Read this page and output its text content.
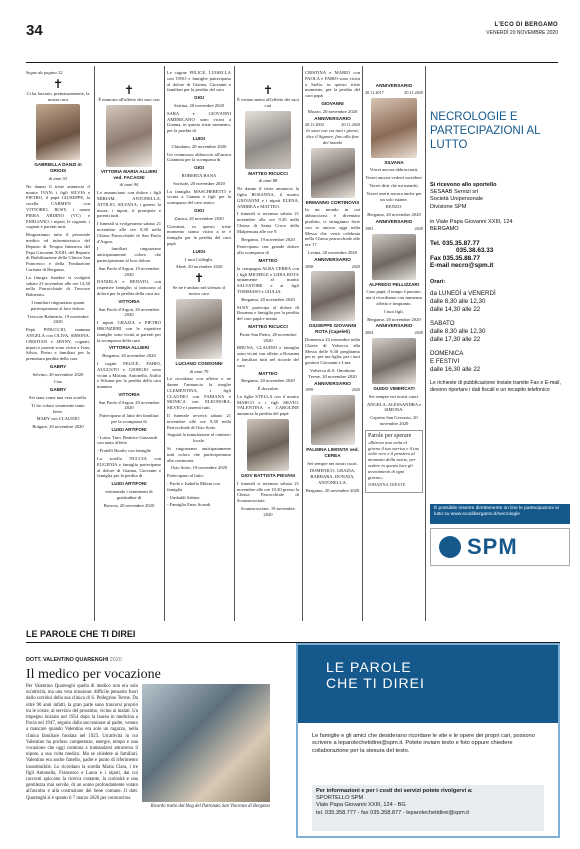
34	L'ECO DI BERGAMO
VENERDÌ 20 NOVEMBRE 2020

Segue da pagina 32

✝

Ci ha lasciato, prematuramente, la nostra cara

GABRIELLA DANZI in GRIGIS

di anni 53

Ne danno il triste annuncio il marito IVAN; i figli SILVIA e PIETRO, il papà GIUSEPPE, la sorella CARMEN con VITTORIO, ROSY, i nonni PIERA ARDINO (VC) e EMILIANO, i nipoti, le cognate, i cognati e parenti tutti.

Ringraziamo tutto il personale medico ed infermieristico del Reparto di Terapia Intensiva del Papa Giovanni XXIII, del Reparto di Riabilitazione della Clinica San Francesco e della Fondazione Carisma di Bergamo.

La liturgia funebre si svolgerà sabato 21 novembre alle ore 14,30 nella Parrocchiale di Trescore Balneario.

I familiari ringraziano quanti parteciperanno al loro dolore.

Trescore Balneario, 19 novembre 2020

Papà PINUCCIO, mamma ANGELA con OLIVA, SIMONA, CRISTIAN e JENNY, cognati, nipoti e parenti sono vicini a Ivan, Silvia, Pietro e familiari per la prematura perdita della cara

GABRY

Selvino, 20 novembre 2020

Ciao

GABRY

Sei stata come una vera sorella.

Ti ho voluto veramente tanto bene.

MARY con CLAUDIO

Bolgare, 20 novembre 2020

✝

È mancata all'affetto dei suoi cari

VITTORIA MARIA ALLIERI ved. FACAGNI

di anni 90

Lo annunciano con dolore i figli MIRIAM, ANTONELLA, ATTILIO, SILVANA; i generi, la nuora, i nipoti, il pronipote e parenti tutti.

I funerali si svolgeranno sabato 21 novembre alle ore 9,30 nella Chiesa Parrocchiale di San Paolo d'Argon.

I familiari ringraziano anticipatamente coloro che parteciperanno al loro dolore.

San Paolo d'Argon, 19 novembre 2020

DANIELA e RENATO, con rispettive famiglie, si uniscono al dolore per la perdita della cara zia

VITTORIA

San Paolo d'Argon, 20 novembre 2020

I nipoti GRAZIA e PIETRO BRONZIERI con le rispettive famiglie sono vicini ai parenti per la scomparsa della cara

VITTORIA ALLIERI

Bergamo, 20 novembre 2020

I cugini FELICE, FABIO, AUGUSTO e GIORGIO sono vicini a Miriam, Antonella, Attilio e Silvana per la perdita della cara mamma

VITTORIA

San Paolo d'Argon, 20 novembre 2020

Partecipano al lutto dei familiari per la scomparsa di

LUIGI ARTIFONI

- Luisa, Tino, Beatrice Guizzardi con tanto affetto

- Fratelli Bonfio con famiglie

La sorella NUCCIA con EUGENIA e famiglia partecipano al dolore di Gianna, Giovanni e famiglia per la perdita di

LUIGI ARTIFONI

esternando i sentimenti di gratitudine di

Brescia, 20 novembre 2020

Le cugine FELICE, LUISELLA con TINO e famiglie partecipano al dolore di Gianna, Giovanni e familiari per la perdita del caro

GIGI

Sotrina, 20 novembre 2020

SARA e GIOVANNI AMERICANO sono vicini a Gianna, in questo triste momento, per la perdita di

LUIGI

Chiuduno, 20 novembre 2020

Un commosso abbraccio all'amica Giannina per la scomparsa di

GIGI

ROBERTA BANA

Sorisole, 20 novembre 2020

La famiglia MASCHERETTI è vicina a Gianna e figli per la scomparsa del caro amico

GIGI

Zanica, 20 novembre 2020

Giovanni, in questo triste momento siamo vicini a te e famiglia per la perdita del caro papà

LUIGI

I tuoi Colleghi.

Almè, 20 novembre 2020

✝

Se ne è andato nel silenzio il nostro caro

LUCIANO CONSONNI

di anni 79

Lo ricordano con affetto e ne danno l'annuncio la moglie CLEMENTINA, i figli CLAUDIO con FABIANA e MONICA con ELEONORA, SILVIO e i parenti tutti.

Il funerale avverrà sabato 21 novembre alle ore 9,30 nella Parrocchiale di Osio Sotto.

Seguirà la tumulazione al cimitero locale.

Si ringraziano anticipatamente tutti coloro che parteciperanno alla cerimonia.

Osio Sotto, 19 novembre 2020

Partecipano al lutto:

- Paolo e Isabella Milani con famiglia

- Umbaldi Sabina

- Famiglia Enzo Scandi

✝

È venuto meno all'affetto dei suoi cari

MATTEO RICUCCI

di anni 88

Ne danno il triste annuncio la figlia ROSANNA, il marito GIOVANNI e i nipoti ELENA, ANDREA e MATTEO.

I funerali si terranno sabato 21 novembre alle ore 9,30 nella Chiesa di Santa Croce della Malpensata alle ore 9.

Bergamo, 19 novembre 2020

Partecipano con grande dolore alla scomparsa di

MATTEO

la compagna ALBA CERRA con i figli MICHELE e LIDIA ROTA unitamente al marito SALVATORE e ai figli TOMMASO e GIULIA.

Bergamo, 20 novembre 2020

SUSY partecipa al dolore di Rosanna e famiglia per la perdita del caro papà e nonno

MATTEO RICUCCI

Ponte San Pietro, 20 novembre 2020

BRUNA, CLAUDIO e famiglia sono vicini con affetto a Rosanna e familiari tutti nel ricordo del caro

MATTEO

Bergamo, 20 novembre 2020

È deceduto

La figlia STELLA con il marito MARCO e i figli SILVIO, VALENTINA e CAROLINE annuncia la perdita del papà

GIOV BATTISTA PIEVANI

I funerali si terranno sabato 21 novembre alle ore 10,30 presso la Chiesa Parrocchiale di Scanzorosciate.

Scanzorosciate, 19 novembre 2020

CRISTINA e MARIO con PAOLA e FABIO sono vicini a Stella, in questo triste momento, per la perdita del caro papà

GIOVANNI

Mozzo, 20 novembre 2020

ANNIVERSARIO
20.11.2004	20.11.2020

Io sono con voi tutti i giorni, dice il Signore, fino alla fine del mondo

ERMANNO CORTINOVIS

In un mondo in cui abbracciarsi è diventato proibito, ci stringiamo forte con te ancora oggi nella Messa che verrà celebrata nella Chiesa parrocchiale alle ore 17.

Lesina, 20 novembre 2020

ANNIVERSARIO
2008	2020
GIUSEPPE GIOVANNI ROTA (Capeleti)

Domenica 22 novembre nella Chiesa di Valsecca alla Messa delle 9,30 preghiamo per te, per tua figlia, per i tuoi genitori Giovanni e Lina.

Valsecca di S. Omobono Terme, 20 novembre 2020

ANNIVERSARIO
1999	2020
PALMINA LIMONTA ved. CEREA

Sei sempre nei nostri cuori.

DOMENICO, GRAZIA, BARBARA, DONATA, ANTONELLA.

Bergamo, 20 novembre 2020

ANNIVERSARIO
20.11.2017	20.11.2020
SILVANA

Vorrei ancora abbracciarti.

Vorrei ancora vederti sorridere.

Vorrei dirti che mi manchi.

Vorrei averti ancora anche per un solo istante.

RENZO.

Bergamo, 20 novembre 2020

ANNIVERSARIO
1981	2020
ALFREDO PELLIZZARI

Caro papà, il tempo è passato, ma ti ricordiamo con immenso affetto e rimpianto.

I tuoi figli.

Bergamo, 20 novembre 2020

ANNIVERSARIO
2003	2020
GUIDO VIMERCATI

Sei sempre nei nostri cuori.

ANGELA, ALESSANDRA e SIMONA.

Caprino San Gervasio, 20 novembre 2020

Parole per sperare

«Ritrovo una volta al giorno il tuo sorriso e il tuo volto vero e il pensiero al momento della morte, per vedere in questa luce gli avvenimenti di ogni giorno».

JOHANNA DIESTE

NECROLOGIE E PARTECIPAZIONI AL LUTTO
Si ricevono allo sportello
SESAAB Servizi srl
Società Unipersonale
Divisione SPM
in Viale Papa Giovanni XXIII, 124
BERGAMO
Tel. 035.35.87.77
035.38.63.33
Fax 035.35.88.77
E-mail necro@spm.it
Orari:
da LUNEDÌ a VENERDÌ
dalle 8,30 alle 12,30
dalle 14,30 alle 22
SABATO
dalle 8,30 alle 12,30
dalle 17,30 alle 22
DOMENICA
E FESTIVI
dalle 16,30 alle 22
Le richieste di pubblicazione inviate tramite Fax e E-mail, devono riportare i dati fiscali e un recapito telefonico
È possibile inserire direttamente on line le partecipazioni al lutto su www.ecodibergamo.it/necrologie
SPM
LE PAROLE CHE TI DIREI
DOTT. VALENTINO QUARENGHI 2020
Il medico per vocazione
Per Valentino Quarenghi quella di medico non era solo un'attività, ma una vera missione: difficile pensarlo fuori dallo corridoi della sua clinica di S. Pellegrino Terme. Da oltre 90 anni infatti, la gran parte sono trascorsi proprio tra le corsie, al servizio del prossimo, vicino ai malati. Un impegno iniziato nel 1954 dopo la laurea in medicina a Pavia nel 1947, seguito dalla successione al padre, venuto a mancare quando Valentino era solo un ragazzo, nella clinica familiare fondata nel 1923. Un'attività in cui Valentino ha profuso competenze, energie, tempo e una vocazione che oggi continua a tramandarsi attraverso il nipote, a sua volta medico. Ma se chiedete ai familiari, Valentino era anche fratello, padre e punto di riferimento insostituibile. Lo ricordano la sorella Maria Clara, i tre figli Antonella, Francesco e Laura e i nipoti, dai cui racconti spiccano la ricerca costante, la curiosità e una gentilezza mai servile, di un uomo profondamente votato all'ascolto e alla costruzione del bene comune. Il dott. Quarenghi si è spento il 7 marzo 2020 per coronavirus.
Ricordo tratto dal blog del Patronato San Vincenzo di Bergamo
LE PAROLE CHE TI DIREI
Le famiglie e gli amici che desiderano ricordare le vite e le opere dei propri cari, possono scrivere a leparolechetidirei@spm.it. Potete inviare testo e foto oppure chiedere collaborazione per la stesura del testo.
Per informazioni e per i costi dei servizi potete rivolgervi a:
SPORTELLO SPM
Viale Papa Giovanni XXIII, 124 - BG
tel. 035.358.777 - fax 035.358.877 - leparolechetidirei@spm.it
